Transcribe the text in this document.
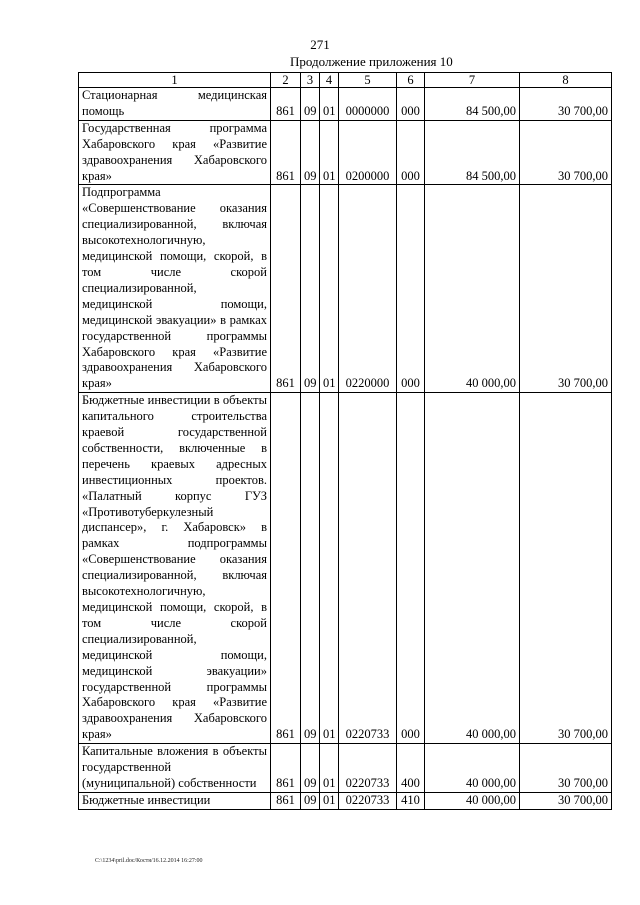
271
Продолжение приложения 10
1	2	3	4	5	6	7	8
Стационарная медицинская помощь	861	09	01	0000000	000	84 500,00	30 700,00
Государственная программа Хабаровского края «Развитие здравоохранения Хабаровского края»	861	09	01	0200000	000	84 500,00	30 700,00
Подпрограмма «Совершенствование оказания специализированной, включая высокотехнологичную, медицинской помощи, скорой, в том числе скорой специализированной, медицинской помощи, медицинской эвакуации» в рамках государственной программы Хабаровского края «Развитие здравоохранения Хабаровского края»	861	09	01	0220000	000	40 000,00	30 700,00
Бюджетные инвестиции в объекты капитального строительства краевой государственной собственности, включенные в перечень краевых адресных инвестиционных проектов. «Палатный корпус ГУЗ «Противотуберкулезный диспансер», г. Хабаровск» в рамках подпрограммы «Совершенствование оказания специализированной, включая высокотехнологичную, медицинской помощи, скорой, в том числе скорой специализированной, медицинской помощи, медицинской эвакуации» государственной программы Хабаровского края «Развитие здравоохранения Хабаровского края»	861	09	01	0220733	000	40 000,00	30 700,00
Капитальные вложения в объекты государственной (муниципальной) собственности	861	09	01	0220733	400	40 000,00	30 700,00
Бюджетные инвестиции	861	09	01	0220733	410	40 000,00	30 700,00
C:\1234\pril.doc/Костя/16.12.2014 16:27:00
